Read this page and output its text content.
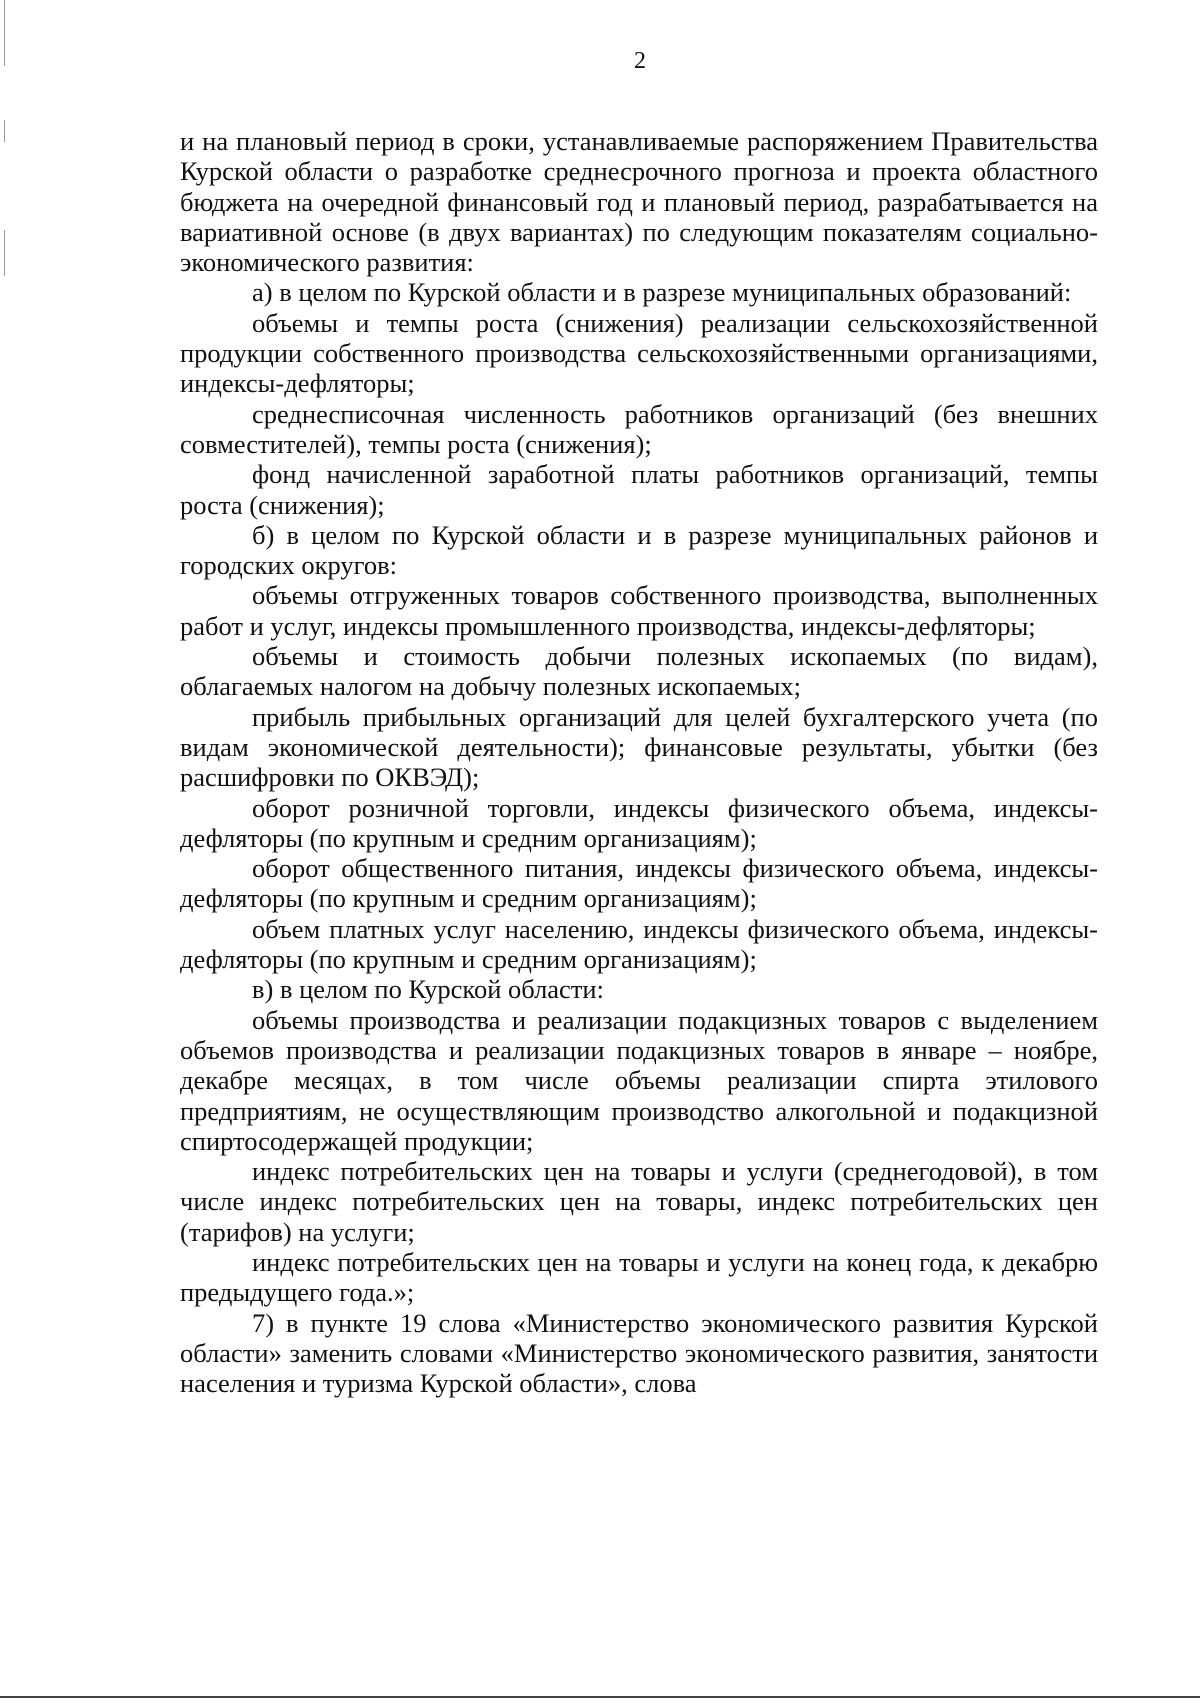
2

и на плановый период в сроки, устанавливаемые распоряжением Правительства Курской области о разработке среднесрочного прогноза и проекта областного бюджета на очередной финансовый год и плановый период, разрабатывается на вариативной основе (в двух вариантах) по следующим показателям социально-экономического развития:

а) в целом по Курской области и в разрезе муниципальных образований:

объемы и темпы роста (снижения) реализации сельскохозяйственной продукции собственного производства сельскохозяйственными организациями, индексы-дефляторы;

среднесписочная численность работников организаций (без внешних совместителей), темпы роста (снижения);

фонд начисленной заработной платы работников организаций, темпы роста (снижения);

б) в целом по Курской области и в разрезе муниципальных районов и городских округов:

объемы отгруженных товаров собственного производства, выполненных работ и услуг, индексы промышленного производства, индексы-дефляторы;

объемы и стоимость добычи полезных ископаемых (по видам), облагаемых налогом на добычу полезных ископаемых;

прибыль прибыльных организаций для целей бухгалтерского учета (по видам экономической деятельности); финансовые результаты, убытки (без расшифровки по ОКВЭД);

оборот розничной торговли, индексы физического объема, индексы-дефляторы (по крупным и средним организациям);

оборот общественного питания, индексы физического объема, индексы-дефляторы (по крупным и средним организациям);

объем платных услуг населению, индексы физического объема, индексы-дефляторы (по крупным и средним организациям);

в) в целом по Курской области:

объемы производства и реализации подакцизных товаров с выделением объемов производства и реализации подакцизных товаров в январе – ноябре, декабре месяцах, в том числе объемы реализации спирта этилового предприятиям, не осуществляющим производство алкогольной и подакцизной спиртосодержащей продукции;

индекс потребительских цен на товары и услуги (среднегодовой), в том числе индекс потребительских цен на товары, индекс потребительских цен (тарифов) на услуги;

индекс потребительских цен на товары и услуги на конец года, к декабрю предыдущего года.»;

7) в пункте 19 слова «Министерство экономического развития Курской области» заменить словами «Министерство экономического развития, занятости населения и туризма Курской области», слова
